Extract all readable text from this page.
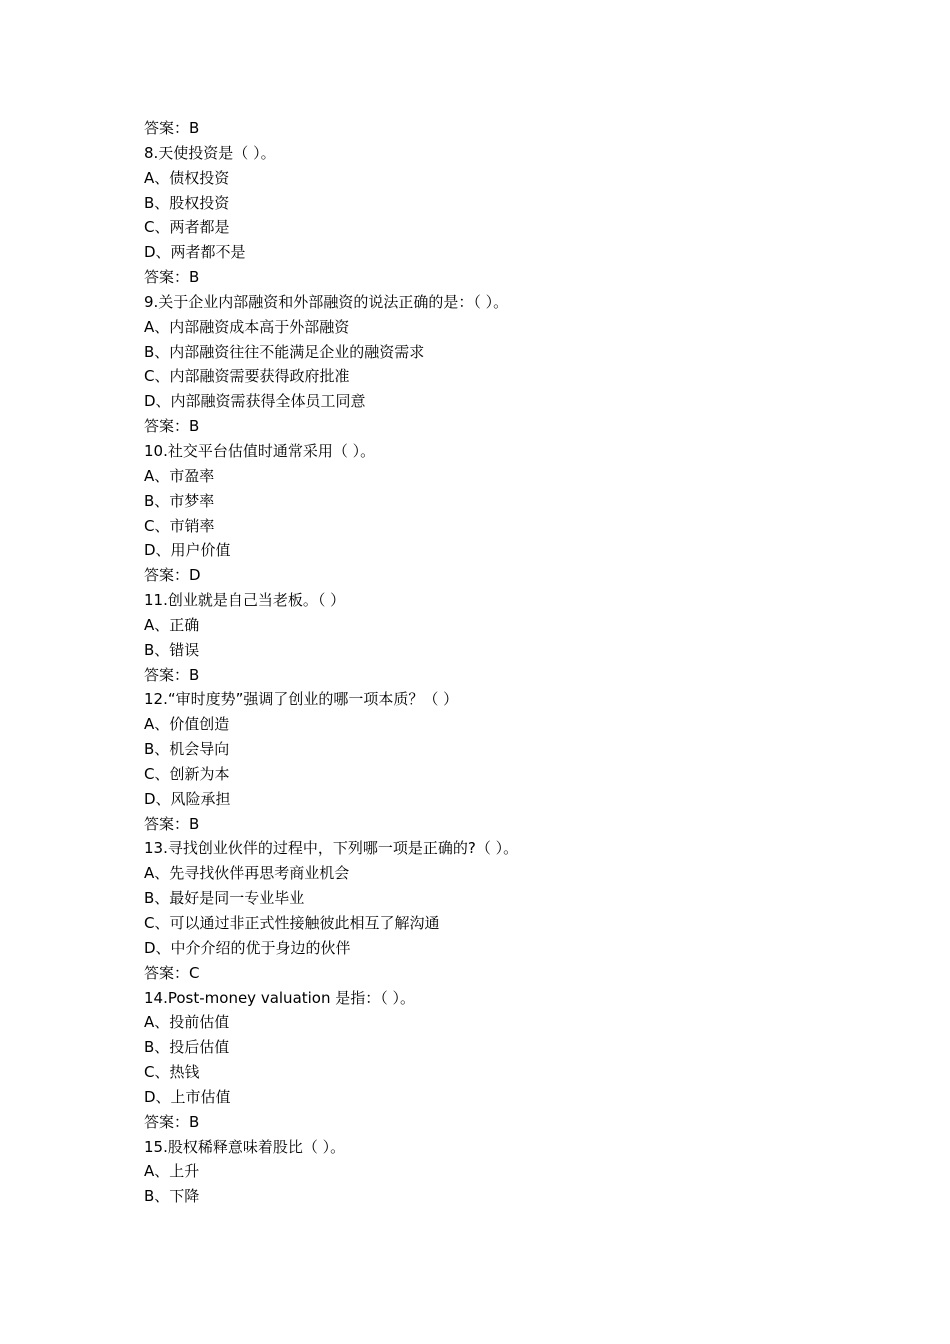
答案：B
8.天使投资是（ ）。
A、债权投资
B、股权投资
C、两者都是
D、两者都不是
答案：B
9.关于企业内部融资和外部融资的说法正确的是：（ ）。
A、内部融资成本高于外部融资
B、内部融资往往不能满足企业的融资需求
C、内部融资需要获得政府批准
D、内部融资需获得全体员工同意
答案：B
10.社交平台估值时通常采用（ ）。
A、市盈率
B、市梦率
C、市销率
D、用户价值
答案：D
11.创业就是自己当老板。（ ）
A、正确
B、错误
答案：B
12.“审时度势”强调了创业的哪一项本质？（ ）
A、价值创造
B、机会导向
C、创新为本
D、风险承担
答案：B
13.寻找创业伙伴的过程中，下列哪一项是正确的?（ ）。
A、先寻找伙伴再思考商业机会
B、最好是同一专业毕业
C、可以通过非正式性接触彼此相互了解沟通
D、中介介绍的优于身边的伙伴
答案：C
14.Post-money valuation 是指：（ ）。
A、投前估值
B、投后估值
C、热钱
D、上市估值
答案：B
15.股权稀释意味着股比（ ）。
A、上升
B、下降
